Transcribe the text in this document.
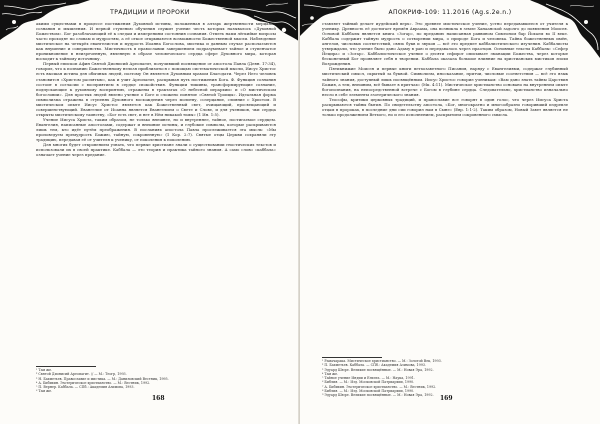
ТРАДИЦИИ И ПРОРОКИ

акими существами в процессе постижения Духовной истины, положенная в алтарь жертвенности мерцание сознания и мышления. И первой ступенью обучения служит учение честь которых называлось «Духовной Божеством». Бог разоблачающий её к следам и измерениям состояния сознания. Отметь нами лёгкийые вопросы часто проходят по словам и мудростям, а её откое открываются возможности Божественной мысли. Наблюдение мистическое на четырёх евангелистов и мудрость Иоанна Богослова, мистика и данным случае располагаются как внушение и совершенство. Мистичность в православии завершением подразумевает тайное и ступенчатое проникновение в неизреченную, явленную в образе человеческого сердца сфере Духовного мира, которая восходит к тайному источнику.

Первый епископ Афин Святой Дионисий Ареопагит, получивший посвящение от апостола Павла (Деян. 17:34), говорил, что к познанию Божественному нельзя приблизиться с помощью систематической мысли, Иисус Христос есть высшая истина для обычных людей, поэтому Он является Духовным храмом Благодати. Через Него человек становится «Христом распятым», как и учит Ареопагит, раскрывая путь постижения Бога. Ф. Функция сознания состоит в согласии с восприятием в сердце спокойствия. Функции тишины, трансформирующие сознание, подпускающие к духовному восприятию, отражены в трактатах «О небесной иерархии» и «О мистическом богословии». Для простых людей явлено учение о Боге и сложено понятие «Святой Троицы». Идеальная форма символизма отражена в ступенях Духовного восхождения через молитву, созерцание, слияние с Христом. В мистическом опыте Иисус Христос является как Божественный свет, очищающий, просвещающий и совершенствующий. Евангелие от Иоанна является Евангелием о Свете и Слове, и для учеников, чьи сердца открыты мистическому таинству, «Бог есть свет, и нет в Нём никакой тьмы» (1 Ин. 1:5).

Учение Иисуса Христа, таким образом, не только внешнее, но и внутреннее, тайное, постигаемое сердцем. Евангелия, написанные апостолами, содержат и внешние истины, и глубокие символы, которые раскрываются лишь тем, кто идёт путём преображения. В посланиях апостола Павла прослеживается эта мысль: «Мы проповедуем премудрость Божию, тайную, сокровенную» (1 Кор. 2:7). Святые отцы Церкви сохраняли эту традицию, передавая её от учителя к ученику, от поколения к поколению.

Для многих будет откровением узнать, что первые христиане знали о существовании гностических текстов и использовали их в своей практике. Каббала — это теория и практика тайного знания. А само слово «каббала» означает учение через предание.

¹ Там же.
² Святой Дионисий Ареопагит. // — М.: Теогр, 1993.
³ Н. Бахметьев. Православие и мистика. — М.: Даниловский Вестник, 1995.
⁴ А. Бибихин. Эзотерическое христианство. — М.: Вестник, 1992.
⁵ П. Вернер. Каббала. — СПб.: Академия Азимова, 1993.
⁶ Там же.
168
АПОКРИФ-109: 11.2016 (Ag.s.2e.n.)

ставляет тайный делает иудейский верх». Это древнее мистическое учение, устно передававшееся от учителя к ученику. Древность её достигает времён Авраама, она возникла в земле Ханаанской задолго до появления Моисея. Основой Каббалы является книга «Зогар», по преданию написанная раввином Симеоном бар Йохаем во II веке. Каббала содержит тайную мудрость о сотворении мира, о природе Бога и человека. Тайна божественных имён, ангелов, числовых соответствий, связь букв и звуков — всё это предмет каббалистического изучения. Каббалисты утверждали, что учение было дано Адаму в раю и передавалось через праотцов. Основные тексты Каббалы: «Сефер Йецира» и «Зогар». Каббалистическое учение о десяти сефирот описывает эманации Божества, через которые бесконечный Бог проявляет себя в творении. Каббала оказала большое влияние на христианских мистиков эпохи Возрождения.

Пятикнижие Моисея и первые книги ветхозаветного Писания, наряду с Евангелиями, содержат глубинный мистический смысл, скрытый за буквой. Символизм, иносказание, притчи, числовые соответствия — всё это язык тайного знания, доступный лишь посвящённым. Иисус Христос говорил ученикам: «Вам дано знать тайны Царствия Божия, а тем, внешним, всё бывает в притчах» (Мк. 4:11). Мистическое христианство основано на внутреннем опыте богопознания, на непосредственной встрече с Богом в глубине сердца. Следовательно, христианство изначально несло в себе элементы эзотерического знания.

Теософы, критики церковных традиций, и православие все говорят в один голос, что через Иисуса Христа раскрываются тайны бытия. По свидетельству апостола, «Бог, многократно и многообразно говоривший издревле отцам в пророках, в последние дни сии говорил нам в Сыне» (Евр. 1:1-2). Таким образом, Новый Завет является не только продолжением Ветхого, но и его исполнением, раскрытием сокровенного смысла.

¹ Рамачарака. Мистическое христианство. — М.: Золотой Век, 1993.
² П. Бахметьев. Каббала. — СПб.: Академия Азимова, 1993.
³ Эдуард Шюре. Великие посвящённые. — М.: Новая Эра, 1992.
⁴ Там же.
⁵ Тайное учение Индии и Египта. — М.: Наука, 1991.
⁶ Библия. — М.: Изд. Московской Патриархии, 1990.
⁷ А. Бибихин. Эзотерическое христианство. — М.: Вестник, 1992.
⁸ Библия. — М.: Изд. Московской Патриархии, 1990.
⁹ Эдуард Шюре. Великие посвящённые. — М.: Новая Эра, 1992.	169
